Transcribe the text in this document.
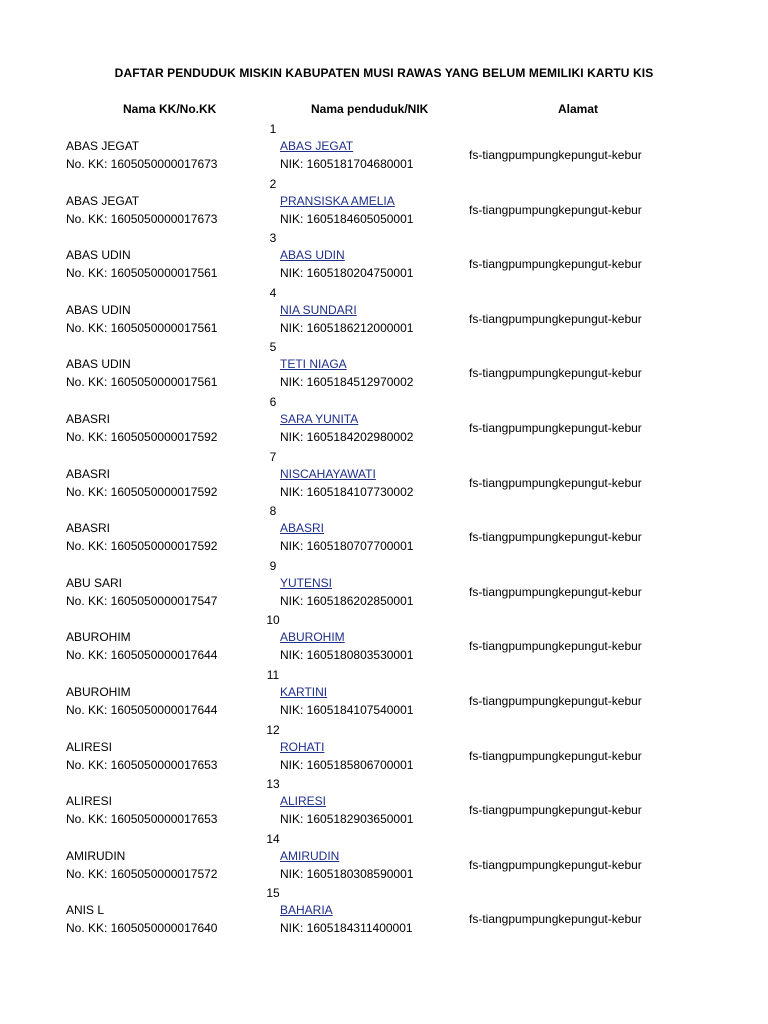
DAFTAR PENDUDUK MISKIN KABUPATEN MUSI RAWAS YANG BELUM MEMILIKI KARTU KIS
Nama KK/No.KK	Nama penduduk/NIK	Alamat
1
ABAS JEGAT
No. KK: 1605050000017673
ABAS JEGAT
NIK: 1605181704680001
fs-tiangpumpungkepungut-kebur
2
ABAS JEGAT
No. KK: 1605050000017673
PRANSISKA AMELIA
NIK: 1605184605050001
fs-tiangpumpungkepungut-kebur
3
ABAS UDIN
No. KK: 1605050000017561
ABAS UDIN
NIK: 1605180204750001
fs-tiangpumpungkepungut-kebur
4
ABAS UDIN
No. KK: 1605050000017561
NIA SUNDARI
NIK: 1605186212000001
fs-tiangpumpungkepungut-kebur
5
ABAS UDIN
No. KK: 1605050000017561
TETI NIAGA
NIK: 1605184512970002
fs-tiangpumpungkepungut-kebur
6
ABASRI
No. KK: 1605050000017592
SARA YUNITA
NIK: 1605184202980002
fs-tiangpumpungkepungut-kebur
7
ABASRI
No. KK: 1605050000017592
NISCAHAYAWATI
NIK: 1605184107730002
fs-tiangpumpungkepungut-kebur
8
ABASRI
No. KK: 1605050000017592
ABASRI
NIK: 1605180707700001
fs-tiangpumpungkepungut-kebur
9
ABU SARI
No. KK: 1605050000017547
YUTENSI
NIK: 1605186202850001
fs-tiangpumpungkepungut-kebur
10
ABUROHIM
No. KK: 1605050000017644
ABUROHIM
NIK: 1605180803530001
fs-tiangpumpungkepungut-kebur
11
ABUROHIM
No. KK: 1605050000017644
KARTINI
NIK: 1605184107540001
fs-tiangpumpungkepungut-kebur
12
ALIRESI
No. KK: 1605050000017653
ROHATI
NIK: 1605185806700001
fs-tiangpumpungkepungut-kebur
13
ALIRESI
No. KK: 1605050000017653
ALIRESI
NIK: 1605182903650001
fs-tiangpumpungkepungut-kebur
14
AMIRUDIN
No. KK: 1605050000017572
AMIRUDIN
NIK: 1605180308590001
fs-tiangpumpungkepungut-kebur
15
ANIS L
No. KK: 1605050000017640
BAHARIA
NIK: 1605184311400001
fs-tiangpumpungkepungut-kebur
